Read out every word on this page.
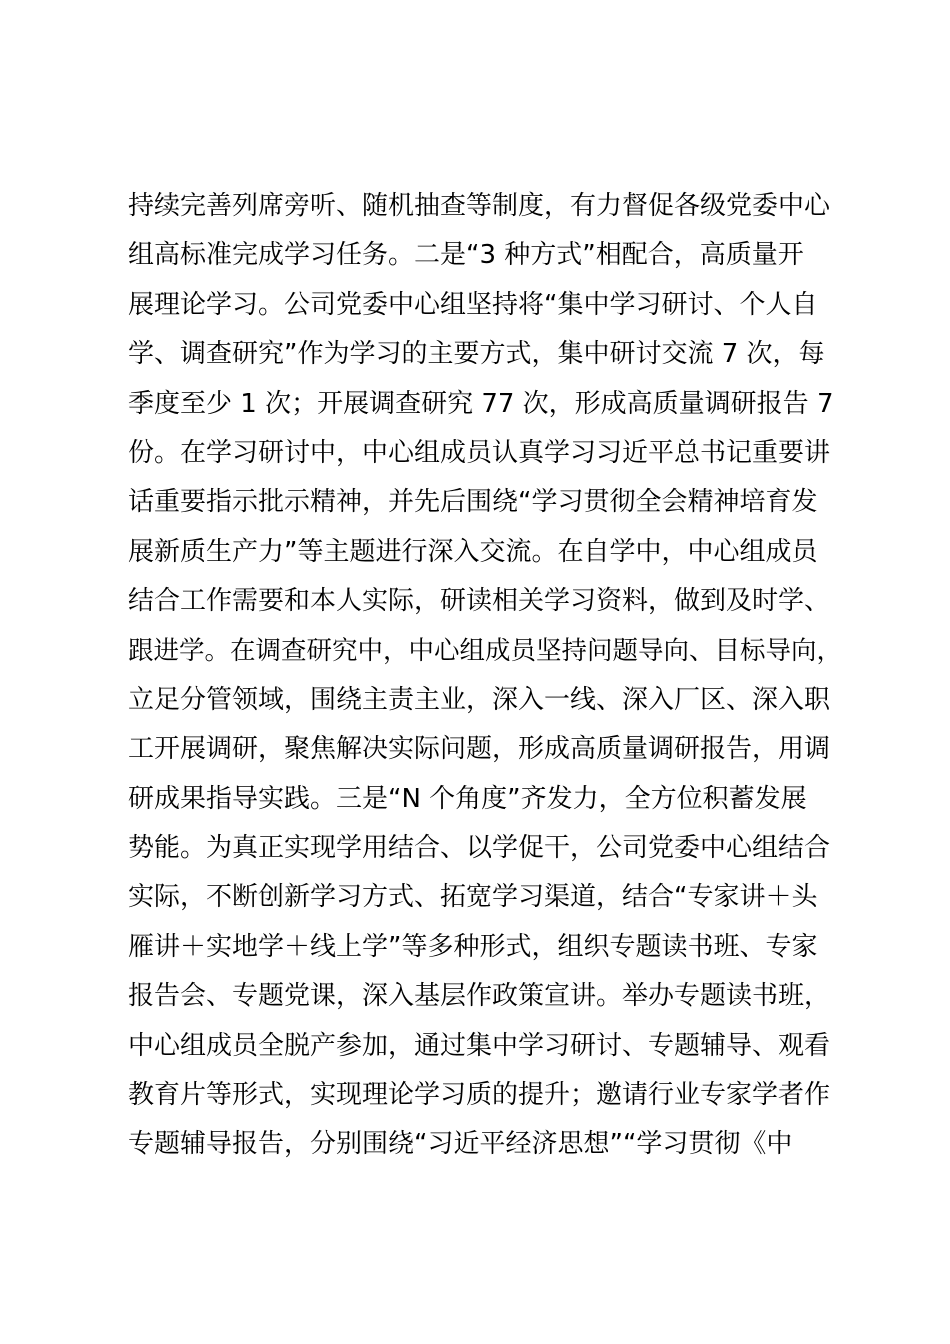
持续完善列席旁听、随机抽查等制度，有力督促各级党委中心
组高标准完成学习任务。二是“3 种方式”相配合，高质量开
展理论学习。公司党委中心组坚持将“集中学习研讨、个人自
学、调查研究”作为学习的主要方式，集中研讨交流 7 次，每
季度至少 1 次；开展调查研究 77 次，形成高质量调研报告 7
份。在学习研讨中，中心组成员认真学习习近平总书记重要讲
话重要指示批示精神，并先后围绕“学习贯彻全会精神培育发
展新质生产力”等主题进行深入交流。在自学中，中心组成员
结合工作需要和本人实际，研读相关学习资料，做到及时学、
跟进学。在调查研究中，中心组成员坚持问题导向、目标导向，
立足分管领域，围绕主责主业，深入一线、深入厂区、深入职
工开展调研，聚焦解决实际问题，形成高质量调研报告，用调
研成果指导实践。三是“N 个角度”齐发力，全方位积蓄发展
势能。为真正实现学用结合、以学促干，公司党委中心组结合
实际，不断创新学习方式、拓宽学习渠道，结合“专家讲＋头
雁讲＋实地学＋线上学”等多种形式，组织专题读书班、专家
报告会、专题党课，深入基层作政策宣讲。举办专题读书班，
中心组成员全脱产参加，通过集中学习研讨、专题辅导、观看
教育片等形式，实现理论学习质的提升；邀请行业专家学者作
专题辅导报告，分别围绕“习近平经济思想”“学习贯彻《中
